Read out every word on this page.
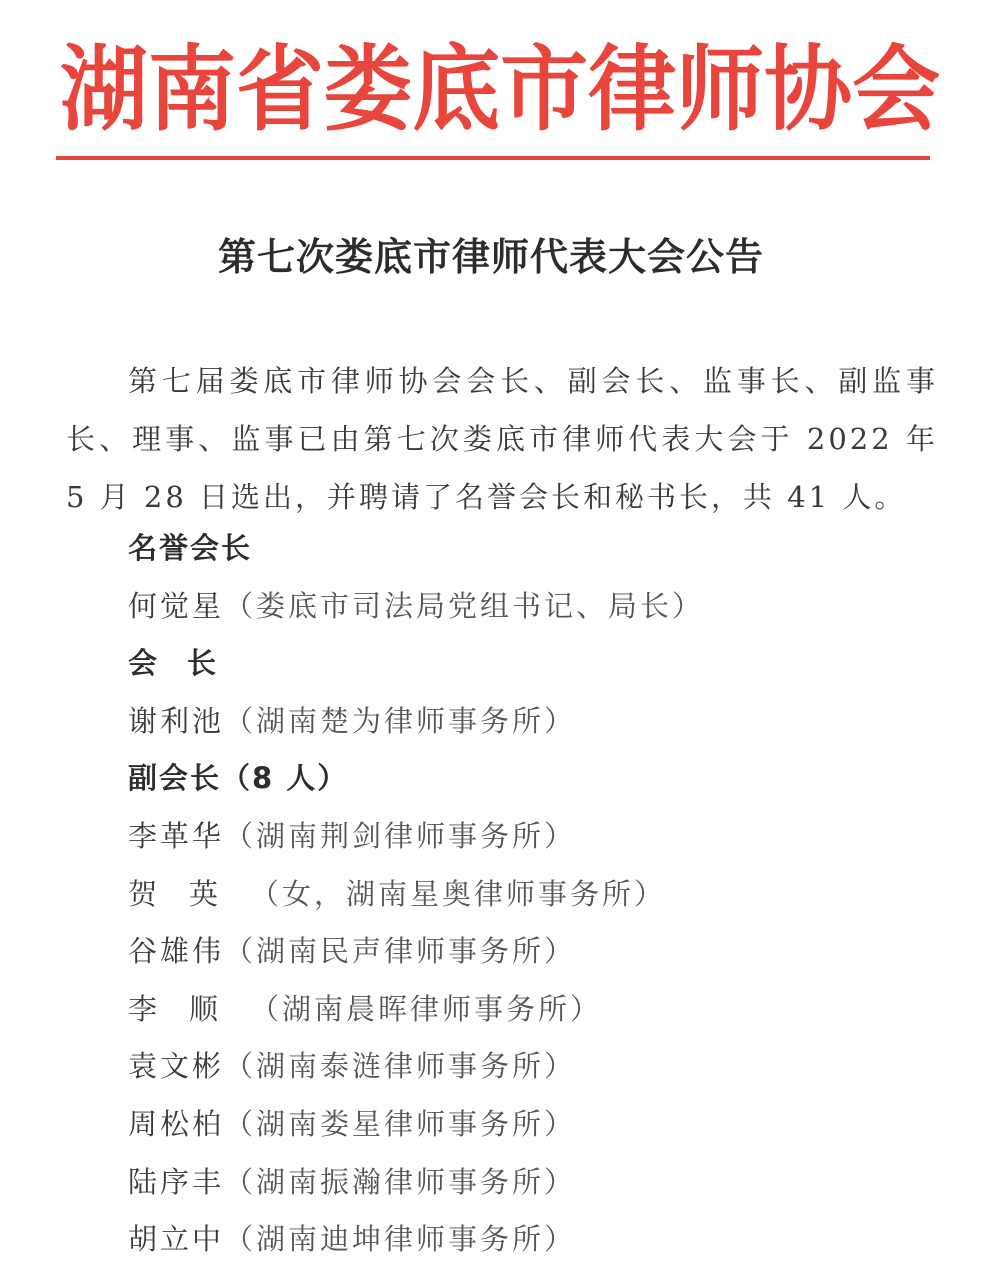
湖 南 省 娄 底 市 律 师 协 会
第七次娄底市律师代表大会公告
第七届娄底市律师协会会长、副会长、监事长、副监事长、理事、监事已由第七次娄底市律师代表大会于 2022 年 5 月 28 日选出，并聘请了名誉会长和秘书长，共 41 人。
名誉会长
何觉星（娄底市司法局党组书记、局长）
会长
谢利池（湖南楚为律师事务所）
副会长（8 人）
李革华（湖南荆剑律师事务所）
贺英（女，湖南星奥律师事务所）
谷雄伟（湖南民声律师事务所）
李顺（湖南晨晖律师事务所）
袁文彬（湖南泰涟律师事务所）
周松柏（湖南娄星律师事务所）
陆序丰（湖南振瀚律师事务所）
胡立中（湖南迪坤律师事务所）
